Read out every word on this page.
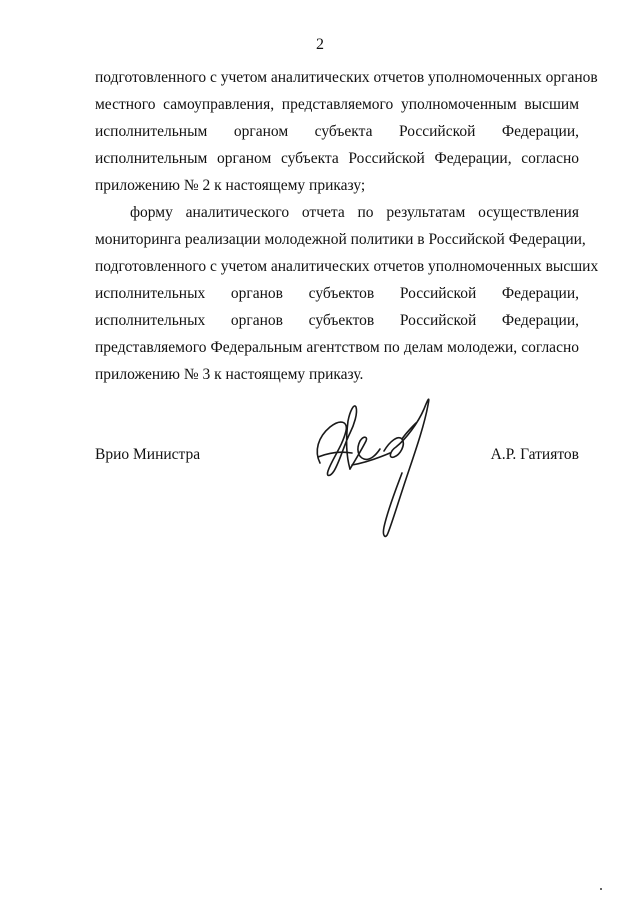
2
подготовленного с учетом аналитических отчетов уполномоченных органов
местного самоуправления, представляемого уполномоченным высшим
исполнительным органом субъекта Российской Федерации,
исполнительным органом субъекта Российской Федерации, согласно
приложению № 2 к настоящему приказу;
форму аналитического отчета по результатам осуществления
мониторинга реализации молодежной политики в Российской Федерации,
подготовленного с учетом аналитических отчетов уполномоченных высших
исполнительных органов субъектов Российской Федерации,
исполнительных органов субъектов Российской Федерации,
представляемого Федеральным агентством по делам молодежи, согласно
приложению № 3 к настоящему приказу.
Врио Министра	А.Р. Гатиятов
